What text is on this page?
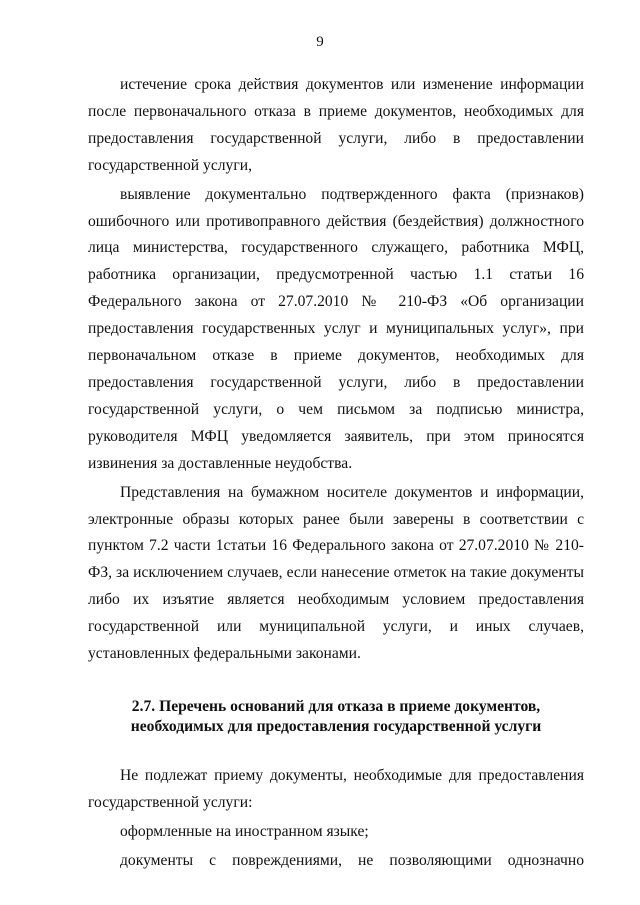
9

истечение срока действия документов или изменение информации после первоначального отказа в приеме документов, необходимых для предоставления государственной услуги, либо в предоставлении государственной услуги,

выявление документально подтвержденного факта (признаков) ошибочного или противоправного действия (бездействия) должностного лица министерства, государственного служащего, работника МФЦ, работника организации, предусмотренной частью 1.1 статьи 16 Федерального закона от 27.07.2010 № 210-ФЗ «Об организации предоставления государственных услуг и муниципальных услуг», при первоначальном отказе в приеме документов, необходимых для предоставления государственной услуги, либо в предоставлении государственной услуги, о чем письмом за подписью министра, руководителя МФЦ уведомляется заявитель, при этом приносятся извинения за доставленные неудобства.

Представления на бумажном носителе документов и информации, электронные образы которых ранее были заверены в соответствии с пунктом 7.2 части 1статьи 16 Федерального закона от 27.07.2010 № 210-ФЗ, за исключением случаев, если нанесение отметок на такие документы либо их изъятие является необходимым условием предоставления государственной или муниципальной услуги, и иных случаев, установленных федеральными законами.

2.7. Перечень оснований для отказа в приеме документов,
необходимых для предоставления государственной услуги

Не подлежат приему документы, необходимые для предоставления государственной услуги:

оформленные на иностранном языке;

документы с повреждениями, не позволяющими однозначно
